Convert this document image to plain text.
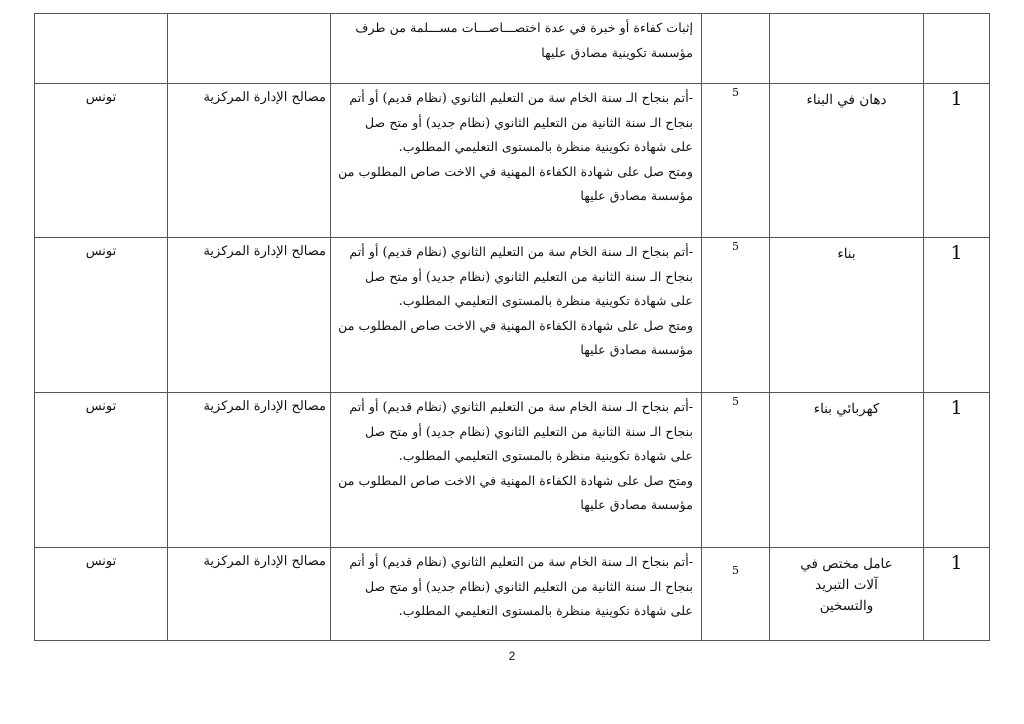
		إثبات كفاءة أو خبرة في عدة اختصـــاصـــات مســـلمة من طرف
مؤسسة تكوينية مصادق عليها			

تونس	مصالح الإدارة المركزية	-أتم بنجاح الـ سنة الخام سة من التعليم الثانوي (نظام قديم) أو أتم
بنجاح الـ سنة الثانية من التعليم الثانوي (نظام جديد) أو متح صل
على شهادة تكوينية منظرة بالمستوى التعليمي المطلوب.
ومتح صل على شهادة الكفاءة المهنية في الاخت صاص المطلوب من
مؤسسة مصادق عليها	5	دهان في البناء	1
تونس	مصالح الإدارة المركزية	-أتم بنجاح الـ سنة الخام سة من التعليم الثانوي (نظام قديم) أو أتم
بنجاح الـ سنة الثانية من التعليم الثانوي (نظام جديد) أو متح صل
على شهادة تكوينية منظرة بالمستوى التعليمي المطلوب.
ومتح صل على شهادة الكفاءة المهنية في الاخت صاص المطلوب من
مؤسسة مصادق عليها	5	بناء	1
تونس	مصالح الإدارة المركزية	-أتم بنجاح الـ سنة الخام سة من التعليم الثانوي (نظام قديم) أو أتم
بنجاح الـ سنة الثانية من التعليم الثانوي (نظام جديد) أو متح صل
على شهادة تكوينية منظرة بالمستوى التعليمي المطلوب.
ومتح صل على شهادة الكفاءة المهنية في الاخت صاص المطلوب من
مؤسسة مصادق عليها	5	كهربائي بناء	1
تونس	مصالح الإدارة المركزية	-أتم بنجاح الـ سنة الخام سة من التعليم الثانوي (نظام قديم) أو أتم
بنجاح الـ سنة الثانية من التعليم الثانوي (نظام جديد) أو متح صل
على شهادة تكوينية منظرة بالمستوى التعليمي المطلوب.	5	عامل مختص في آلات التبريد والتسخين	1
2
